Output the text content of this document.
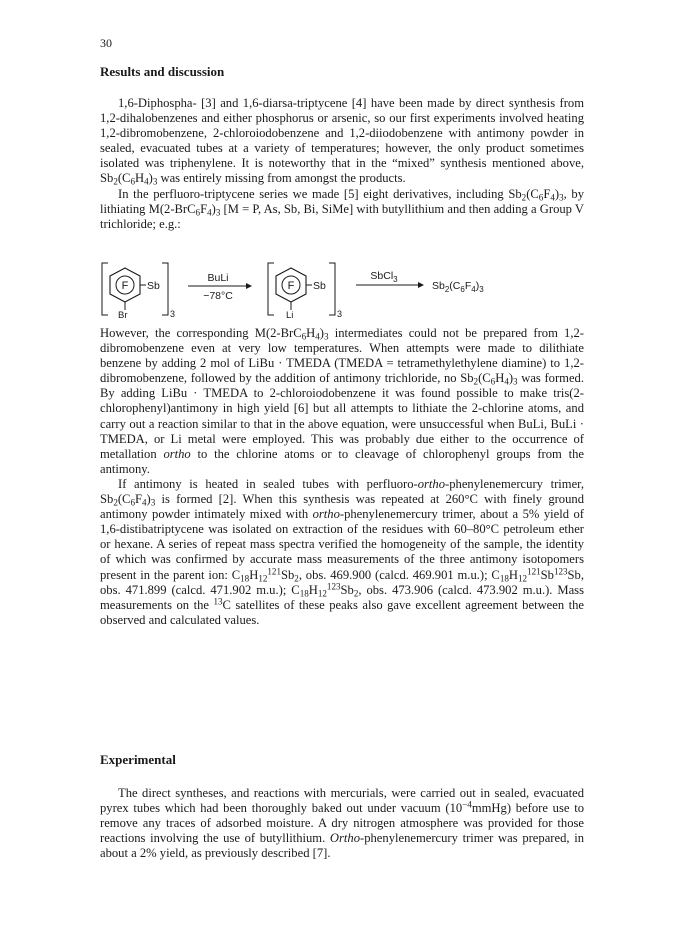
30
Results and discussion

1,6-Diphospha- [3] and 1,6-diarsa-triptycene [4] have been made by direct synthesis from 1,2-dihalobenzenes and either phosphorus or arsenic, so our first experiments involved heating 1,2-dibromobenzene, 2-chloroiodobenzene and 1,2-diiodobenzene with antimony powder in sealed, evacuated tubes at a variety of temperatures; however, the only product sometimes isolated was triphenylene. It is noteworthy that in the “mixed” synthesis mentioned above, $Sb_2(C_6H_4)_3$ was entirely missing from amongst the products.

In the perfluoro-triptycene series we made [5] eight derivatives, including $Sb_2(C_6F_4)_3$, by lithiating $M(2-BrC_6F_4)_3$ [M = P, As, Sb, Bi, SiMe] with butyllithium and then adding a Group V trichloride; e.g.:

F Sb
Br	3
BuLi
−78°C
F Sb
Li	3
SbCl$_3$
$Sb_2(C_6F_4)_3$

However, the corresponding $M(2-BrC_6H_4)_3$ intermediates could not be prepared from 1,2-dibromobenzene even at very low temperatures. When attempts were made to dilithiate benzene by adding 2 mol of LiBu · TMEDA (TMEDA = tetramethylethylene diamine) to 1,2-dibromobenzene, followed by the addition of antimony trichloride, no $Sb_2(C_6H_4)_3$ was formed. By adding LiBu · TMEDA to 2-chloroiodobenzene it was found possible to make tris(2-chlorophenyl)antimony in high yield [6] but all attempts to lithiate the 2-chlorine atoms, and carry out a reaction similar to that in the above equation, were unsuccessful when BuLi, BuLi · TMEDA, or Li metal were employed. This was probably due either to the occurrence of metallation ortho to the chlorine atoms or to cleavage of chlorophenyl groups from the antimony.

If antimony is heated in sealed tubes with perfluoro-ortho-phenylenemercury trimer, $Sb_2(C_6F_4)_3$ is formed [2]. When this synthesis was repeated at 260°C with finely ground antimony powder intimately mixed with ortho-phenylenemercury trimer, about a 5% yield of 1,6-distibatriptycene was isolated on extraction of the residues with 60–80°C petroleum ether or hexane. A series of repeat mass spectra verified the homogeneity of the sample, the identity of which was confirmed by accurate mass measurements of the three antimony isotopomers present in the parent ion: $C_{18}H_{12}^{121}Sb_2$, obs. 469.900 (calcd. 469.901 m.u.); $C_{18}H_{12}^{121}Sb^{123}Sb$, obs. 471.899 (calcd. 471.902 m.u.); $C_{18}H_{12}^{123}Sb_2$, obs. 473.906 (calcd. 473.902 m.u.). Mass measurements on the $^{13}$C satellites of these peaks also gave excellent agreement between the observed and calculated values.

Experimental

The direct syntheses, and reactions with mercurials, were carried out in sealed, evacuated pyrex tubes which had been thoroughly baked out under vacuum $(10^{-4}mmHg)$ before use to remove any traces of adsorbed moisture. A dry nitrogen atmosphere was provided for those reactions involving the use of butyllithium. Ortho-phenylenemercury trimer was prepared, in about a 2% yield, as previously described [7].
